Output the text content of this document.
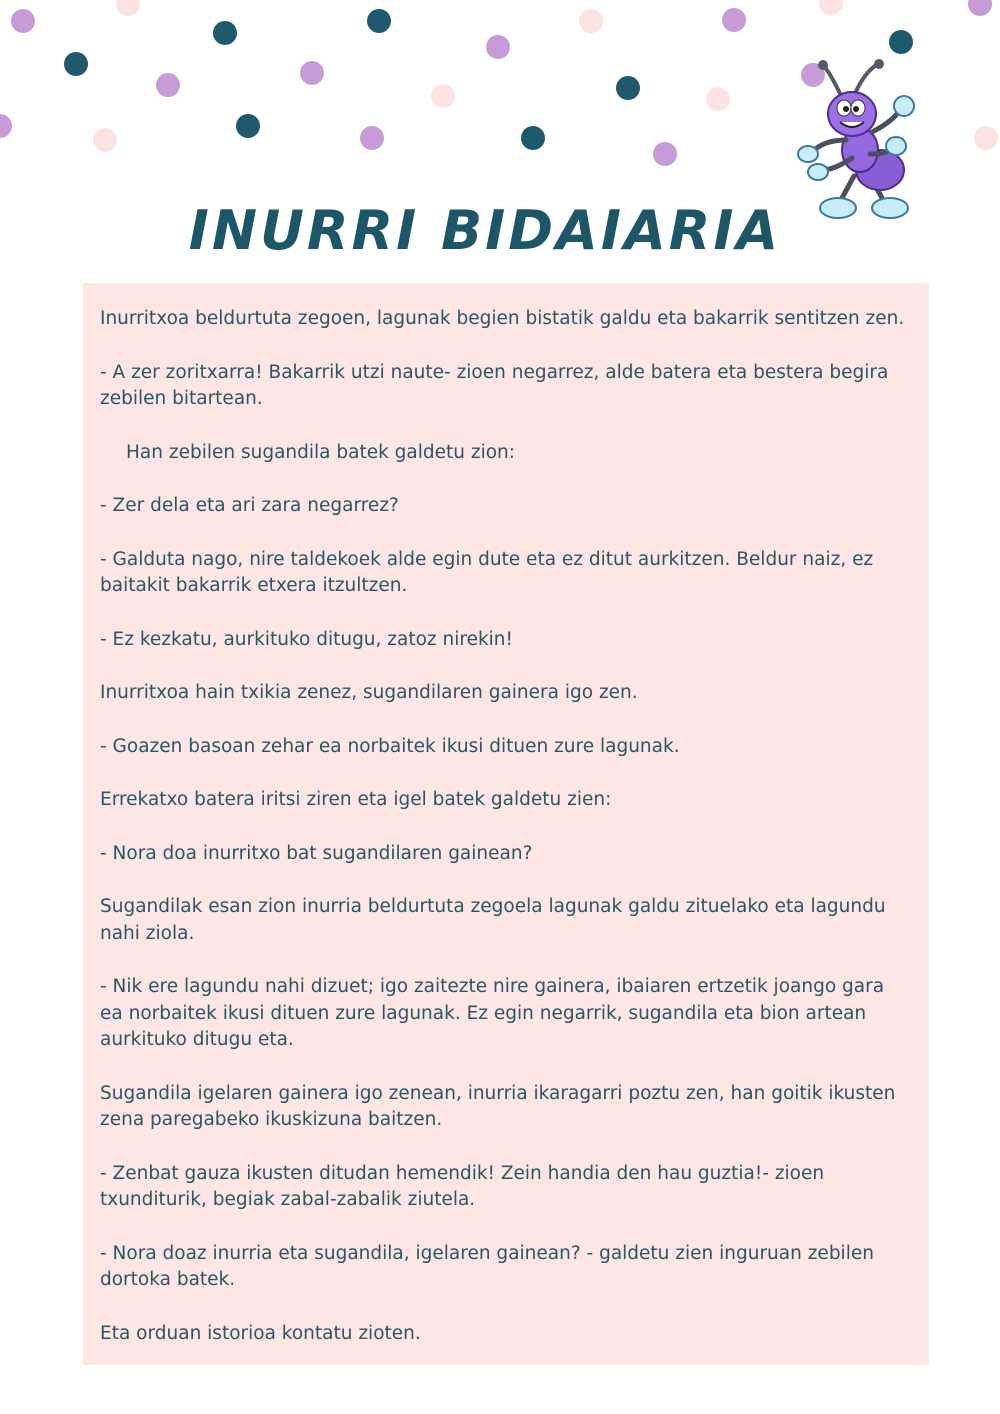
INURRI BIDAIARIA

Inurritxoa beldurtuta zegoen, lagunak begien bistatik galdu eta bakarrik sentitzen zen.

- A zer zoritxarra! Bakarrik utzi naute- zioen negarrez, alde batera eta bestera begira zebilen bitartean.

Han zebilen sugandila batek galdetu zion:

- Zer dela eta ari zara negarrez?

- Galduta nago, nire taldekoek alde egin dute eta ez ditut aurkitzen. Beldur naiz, ez baitakit bakarrik etxera itzultzen.

- Ez kezkatu, aurkituko ditugu, zatoz nirekin!

Inurritxoa hain txikia zenez, sugandilaren gainera igo zen.

- Goazen basoan zehar ea norbaitek ikusi dituen zure lagunak.

Errekatxo batera iritsi ziren eta igel batek galdetu zien:

- Nora doa inurritxo bat sugandilaren gainean?

Sugandilak esan zion inurria beldurtuta zegoela lagunak galdu zituelako eta lagundu nahi ziola.

- Nik ere lagundu nahi dizuet; igo zaitezte nire gainera, ibaiaren ertzetik joango gara ea norbaitek ikusi dituen zure lagunak. Ez egin negarrik, sugandila eta bion artean aurkituko ditugu eta.

Sugandila igelaren gainera igo zenean, inurria ikaragarri poztu zen, han goitik ikusten zena paregabeko ikuskizuna baitzen.

- Zenbat gauza ikusten ditudan hemendik! Zein handia den hau guztia!- zioen txunditurik, begiak zabal-zabalik ziutela.

- Nora doaz inurria eta sugandila, igelaren gainean? - galdetu zien inguruan zebilen dortoka batek.

Eta orduan istorioa kontatu zioten.
